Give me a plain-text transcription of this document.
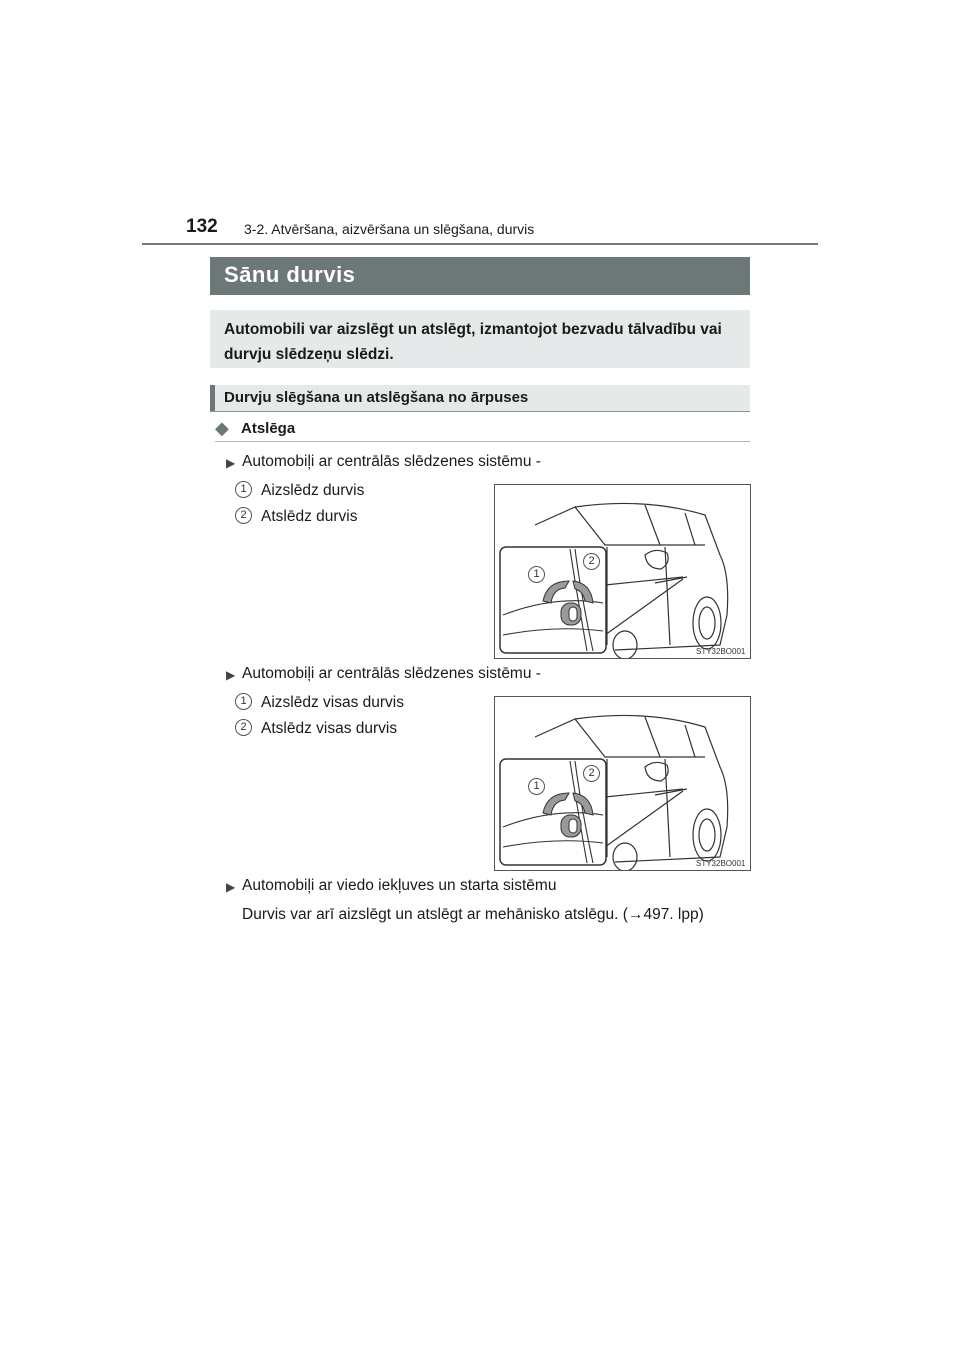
132 3-2. Atvēršana, aizvēršana un slēgšana, durvis
Sānu durvis
Automobili var aizslēgt un atslēgt, izmantojot bezvadu tālvadību vai durvju slēdzeņu slēdzi.
Durvju slēgšana un atslēgšana no ārpuses
◆ Atslēga
▶ Automobiļi ar centrālās slēdzenes sistēmu -
1 Aizslēdz durvis
2 Atslēdz durvis
1
2
STY32BO001
▶ Automobiļi ar centrālās slēdzenes sistēmu -
1 Aizslēdz visas durvis
2 Atslēdz visas durvis
1
2
STY32BO001
▶ Automobiļi ar viedo iekļuves un starta sistēmu
Durvis var arī aizslēgt un atslēgt ar mehānisko atslēgu. (→497. lpp)
